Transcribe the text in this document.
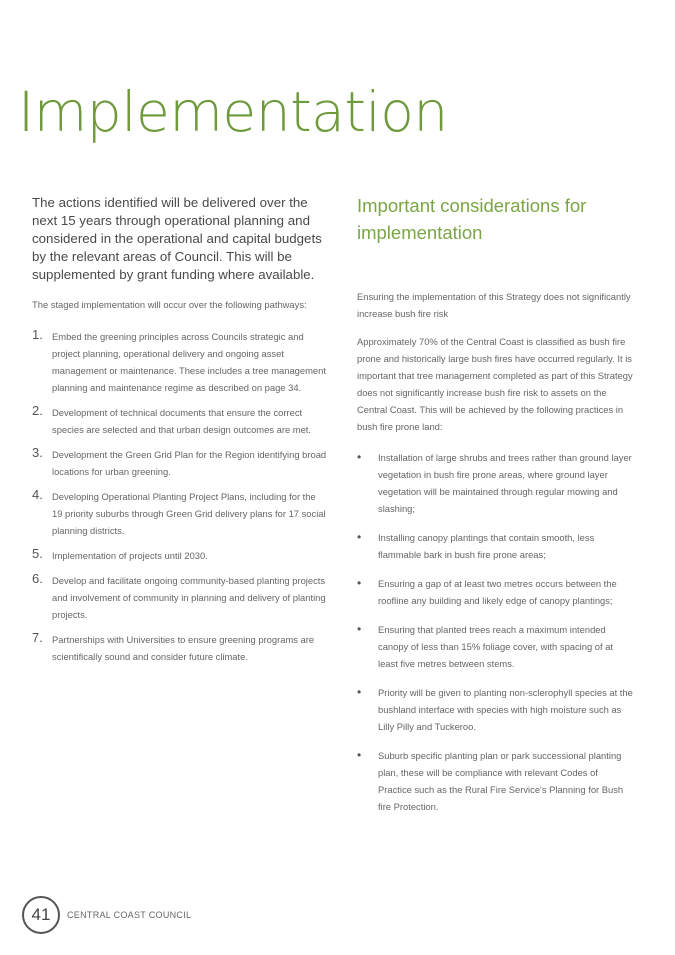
Implementation

The actions identified will be delivered over the next 15 years through operational planning and considered in the operational and capital budgets by the relevant areas of Council. This will be supplemented by grant funding where available.

The staged implementation will occur over the following pathways:

1. Embed the greening principles across Councils strategic and project planning, operational delivery and ongoing asset management or maintenance. These includes a tree management planning and maintenance regime as described on page 34.
2. Development of technical documents that ensure the correct species are selected and that urban design outcomes are met.
3. Development the Green Grid Plan for the Region identifying broad locations for urban greening.
4. Developing Operational Planting Project Plans, including for the 19 priority suburbs through Green Grid delivery plans for 17 social planning districts.
5. Implementation of projects until 2030.
6. Develop and facilitate ongoing community-based planting projects and involvement of community in planning and delivery of planting projects.
7. Partnerships with Universities to ensure greening programs are scientifically sound and consider future climate.
Important considerations for implementation

Ensuring the implementation of this Strategy does not significantly increase bush fire risk

Approximately 70% of the Central Coast is classified as bush fire prone and historically large bush fires have occurred regularly. It is important that tree management completed as part of this Strategy does not significantly increase bush fire risk to assets on the Central Coast. This will be achieved by the following practices in bush fire prone land:

• Installation of large shrubs and trees rather than ground layer vegetation in bush fire prone areas, where ground layer vegetation will be maintained through regular mowing and slashing;
• Installing canopy plantings that contain smooth, less flammable bark in bush fire prone areas;
• Ensuring a gap of at least two metres occurs between the roofline any building and likely edge of canopy plantings;
• Ensuring that planted trees reach a maximum intended canopy of less than 15% foliage cover, with spacing of at least five metres between stems.
• Priority will be given to planting non-sclerophyll species at the bushland interface with species with high moisture such as Lilly Pilly and Tuckeroo.
• Suburb specific planting plan or park successional planting plan, these will be compliance with relevant Codes of Practice such as the Rural Fire Service's Planning for Bush fire Protection.
41 CENTRAL COAST COUNCIL
